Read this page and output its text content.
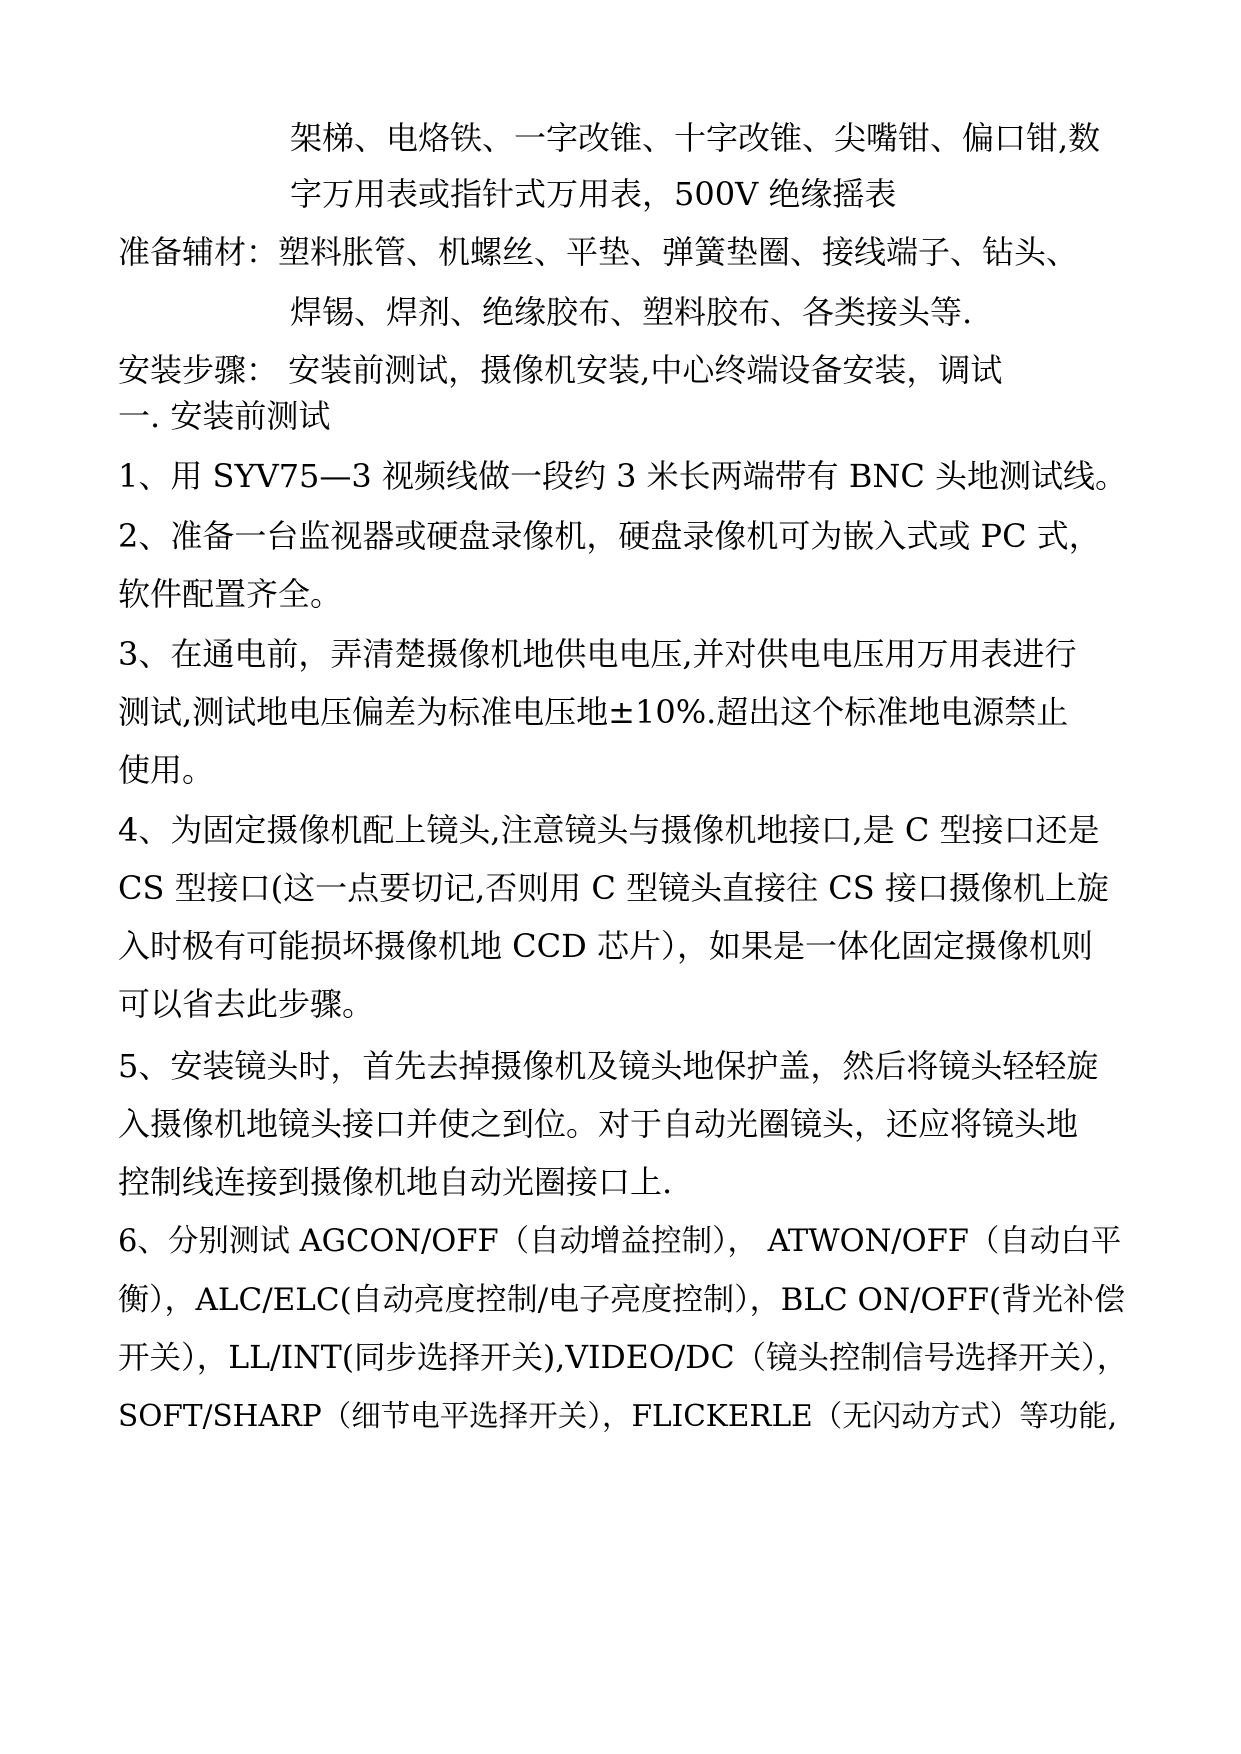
架梯、电烙铁、一字改锥、十字改锥、尖嘴钳、偏口钳,数
字万用表或指针式万用表，500V 绝缘摇表
准备辅材：塑料胀管、机螺丝、平垫、弹簧垫圈、接线端子、钻头、
焊锡、焊剂、绝缘胶布、塑料胶布、各类接头等.
安装步骤： 安装前测试，摄像机安装,中心终端设备安装，调试
一. 安装前测试
1、用 SYV75—3 视频线做一段约 3 米长两端带有 BNC 头地测试线。
2、准备一台监视器或硬盘录像机，硬盘录像机可为嵌入式或 PC 式，
软件配置齐全。
3、在通电前，弄清楚摄像机地供电电压,并对供电电压用万用表进行
测试,测试地电压偏差为标准电压地±10%.超出这个标准地电源禁止
使用。
4、为固定摄像机配上镜头,注意镜头与摄像机地接口,是 C 型接口还是
CS 型接口(这一点要切记,否则用 C 型镜头直接往 CS 接口摄像机上旋
入时极有可能损坏摄像机地 CCD 芯片），如果是一体化固定摄像机则
可以省去此步骤。
5、安装镜头时，首先去掉摄像机及镜头地保护盖，然后将镜头轻轻旋
入摄像机地镜头接口并使之到位。对于自动光圈镜头，还应将镜头地
控制线连接到摄像机地自动光圈接口上.
6、分别测试 AGCON/OFF（自动增益控制）， ATWON/OFF（自动白平
衡），ALC/ELC(自动亮度控制/电子亮度控制），BLC ON/OFF(背光补偿
开关），LL/INT(同步选择开关),VIDEO/DC（镜头控制信号选择开关），
SOFT/SHARP（细节电平选择开关），FLICKERLE（无闪动方式）等功能,
